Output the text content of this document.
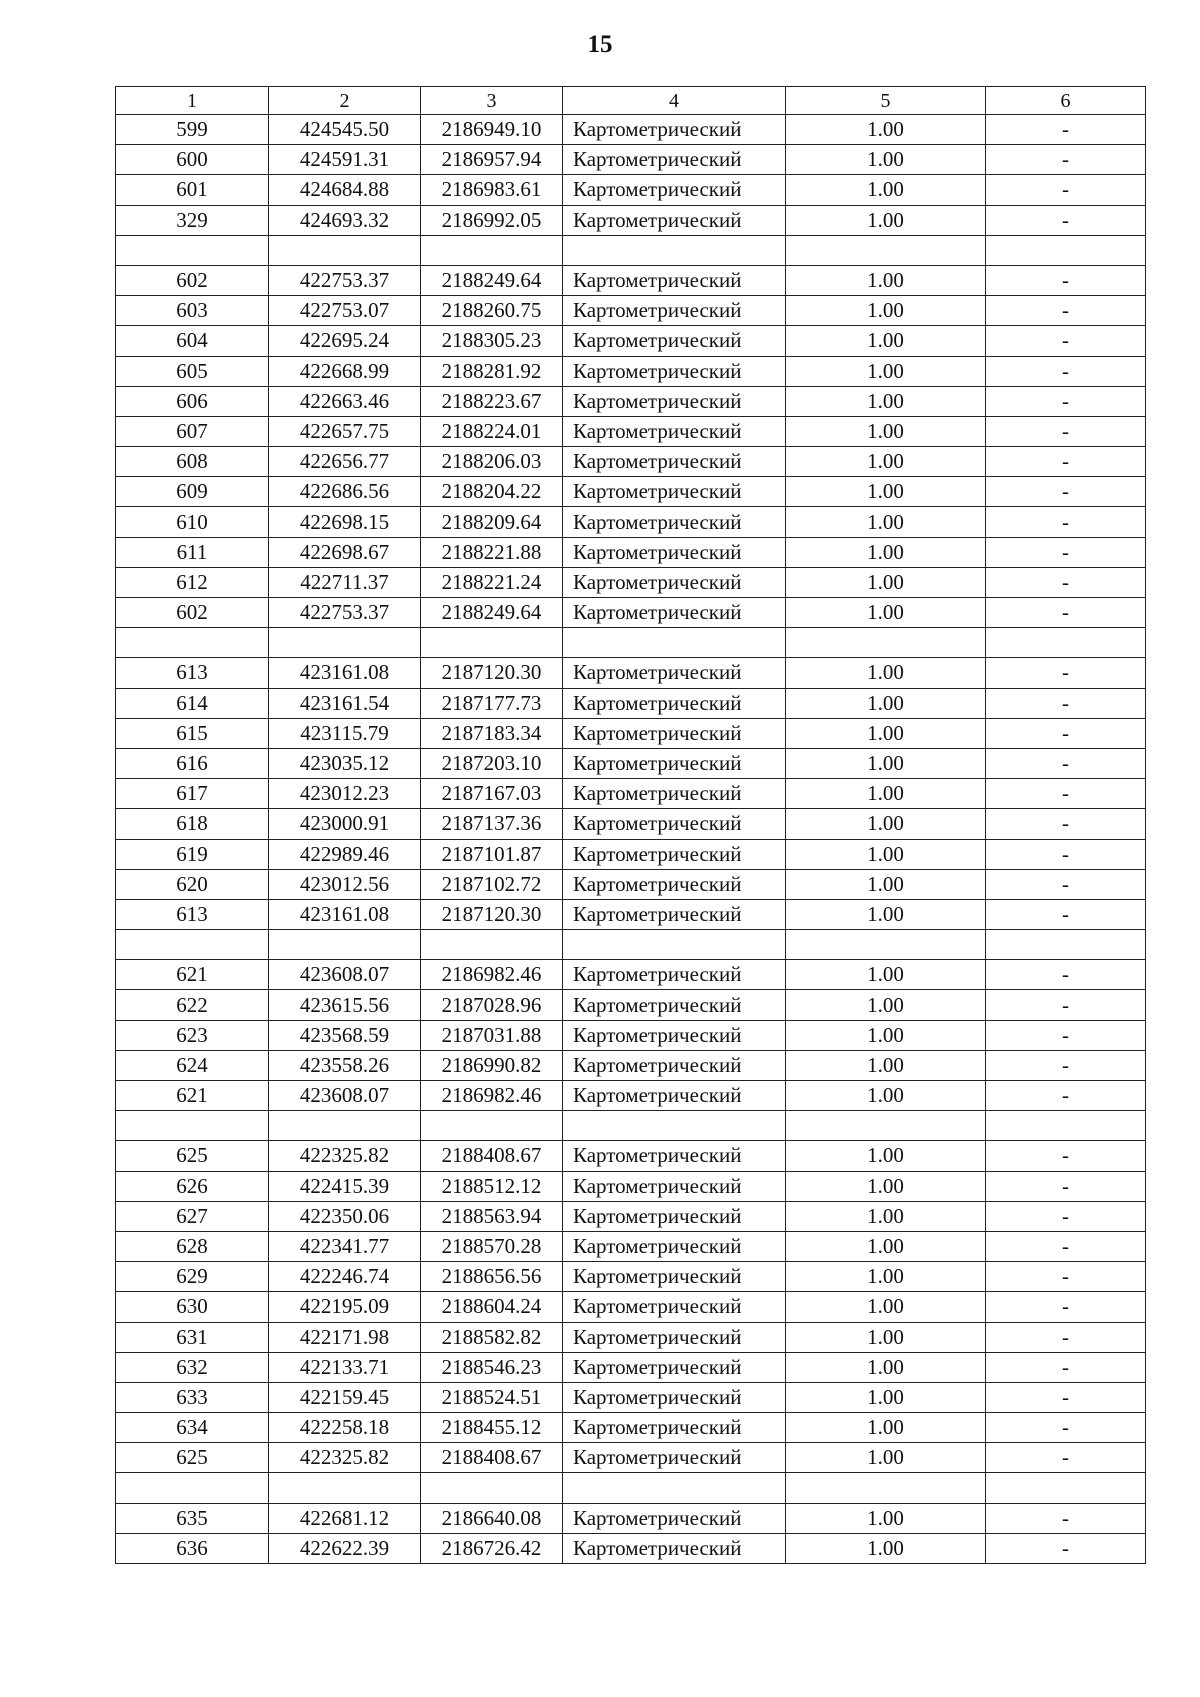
15
1	2	3	4	5	6
599	424545.50	2186949.10	Картометрический	1.00	-
600	424591.31	2186957.94	Картометрический	1.00	-
601	424684.88	2186983.61	Картометрический	1.00	-
329	424693.32	2186992.05	Картометрический	1.00	-

602	422753.37	2188249.64	Картометрический	1.00	-
603	422753.07	2188260.75	Картометрический	1.00	-
604	422695.24	2188305.23	Картометрический	1.00	-
605	422668.99	2188281.92	Картометрический	1.00	-
606	422663.46	2188223.67	Картометрический	1.00	-
607	422657.75	2188224.01	Картометрический	1.00	-
608	422656.77	2188206.03	Картометрический	1.00	-
609	422686.56	2188204.22	Картометрический	1.00	-
610	422698.15	2188209.64	Картометрический	1.00	-
611	422698.67	2188221.88	Картометрический	1.00	-
612	422711.37	2188221.24	Картометрический	1.00	-
602	422753.37	2188249.64	Картометрический	1.00	-

613	423161.08	2187120.30	Картометрический	1.00	-
614	423161.54	2187177.73	Картометрический	1.00	-
615	423115.79	2187183.34	Картометрический	1.00	-
616	423035.12	2187203.10	Картометрический	1.00	-
617	423012.23	2187167.03	Картометрический	1.00	-
618	423000.91	2187137.36	Картометрический	1.00	-
619	422989.46	2187101.87	Картометрический	1.00	-
620	423012.56	2187102.72	Картометрический	1.00	-
613	423161.08	2187120.30	Картометрический	1.00	-

621	423608.07	2186982.46	Картометрический	1.00	-
622	423615.56	2187028.96	Картометрический	1.00	-
623	423568.59	2187031.88	Картометрический	1.00	-
624	423558.26	2186990.82	Картометрический	1.00	-
621	423608.07	2186982.46	Картометрический	1.00	-

625	422325.82	2188408.67	Картометрический	1.00	-
626	422415.39	2188512.12	Картометрический	1.00	-
627	422350.06	2188563.94	Картометрический	1.00	-
628	422341.77	2188570.28	Картометрический	1.00	-
629	422246.74	2188656.56	Картометрический	1.00	-
630	422195.09	2188604.24	Картометрический	1.00	-
631	422171.98	2188582.82	Картометрический	1.00	-
632	422133.71	2188546.23	Картометрический	1.00	-
633	422159.45	2188524.51	Картометрический	1.00	-
634	422258.18	2188455.12	Картометрический	1.00	-
625	422325.82	2188408.67	Картометрический	1.00	-

635	422681.12	2186640.08	Картометрический	1.00	-
636	422622.39	2186726.42	Картометрический	1.00	-
